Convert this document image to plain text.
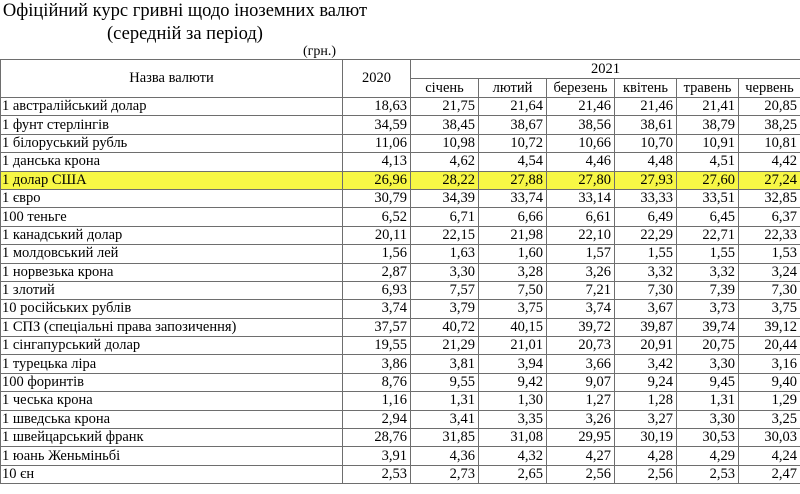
Офіційний курс гривні щодо іноземних валют
(середній за період)
(грн.)
Назва валюти	2020	2021					
		січень	лютий	березень	квітень	травень	червень
1 австралійський долар	18,63	21,75	21,64	21,46	21,46	21,41	20,85
1 фунт стерлінгів	34,59	38,45	38,67	38,56	38,61	38,79	38,25
1 білоруський рубль	11,06	10,98	10,72	10,66	10,70	10,91	10,81
1 данська крона	4,13	4,62	4,54	4,46	4,48	4,51	4,42
1 долар США	26,96	28,22	27,88	27,80	27,93	27,60	27,24
1 євро	30,79	34,39	33,74	33,14	33,33	33,51	32,85
100 теньге	6,52	6,71	6,66	6,61	6,49	6,45	6,37
1 канадський долар	20,11	22,15	21,98	22,10	22,29	22,71	22,33
1 молдовський лей	1,56	1,63	1,60	1,57	1,55	1,55	1,53
1 норвезька крона	2,87	3,30	3,28	3,26	3,32	3,32	3,24
1 злотий	6,93	7,57	7,50	7,21	7,30	7,39	7,30
10 російських рублів	3,74	3,79	3,75	3,74	3,67	3,73	3,75
1 СПЗ (спеціальні права запозичення)	37,57	40,72	40,15	39,72	39,87	39,74	39,12
1 сінгапурський долар	19,55	21,29	21,01	20,73	20,91	20,75	20,44
1 турецька ліра	3,86	3,81	3,94	3,66	3,42	3,30	3,16
100 форинтів	8,76	9,55	9,42	9,07	9,24	9,45	9,40
1 чеська крона	1,16	1,31	1,30	1,27	1,28	1,31	1,29
1 шведська крона	2,94	3,41	3,35	3,26	3,27	3,30	3,25
1 швейцарський франк	28,76	31,85	31,08	29,95	30,19	30,53	30,03
1 юань Женьміньбі	3,91	4,36	4,32	4,27	4,28	4,29	4,24
10 єн	2,53	2,73	2,65	2,56	2,56	2,53	2,47
